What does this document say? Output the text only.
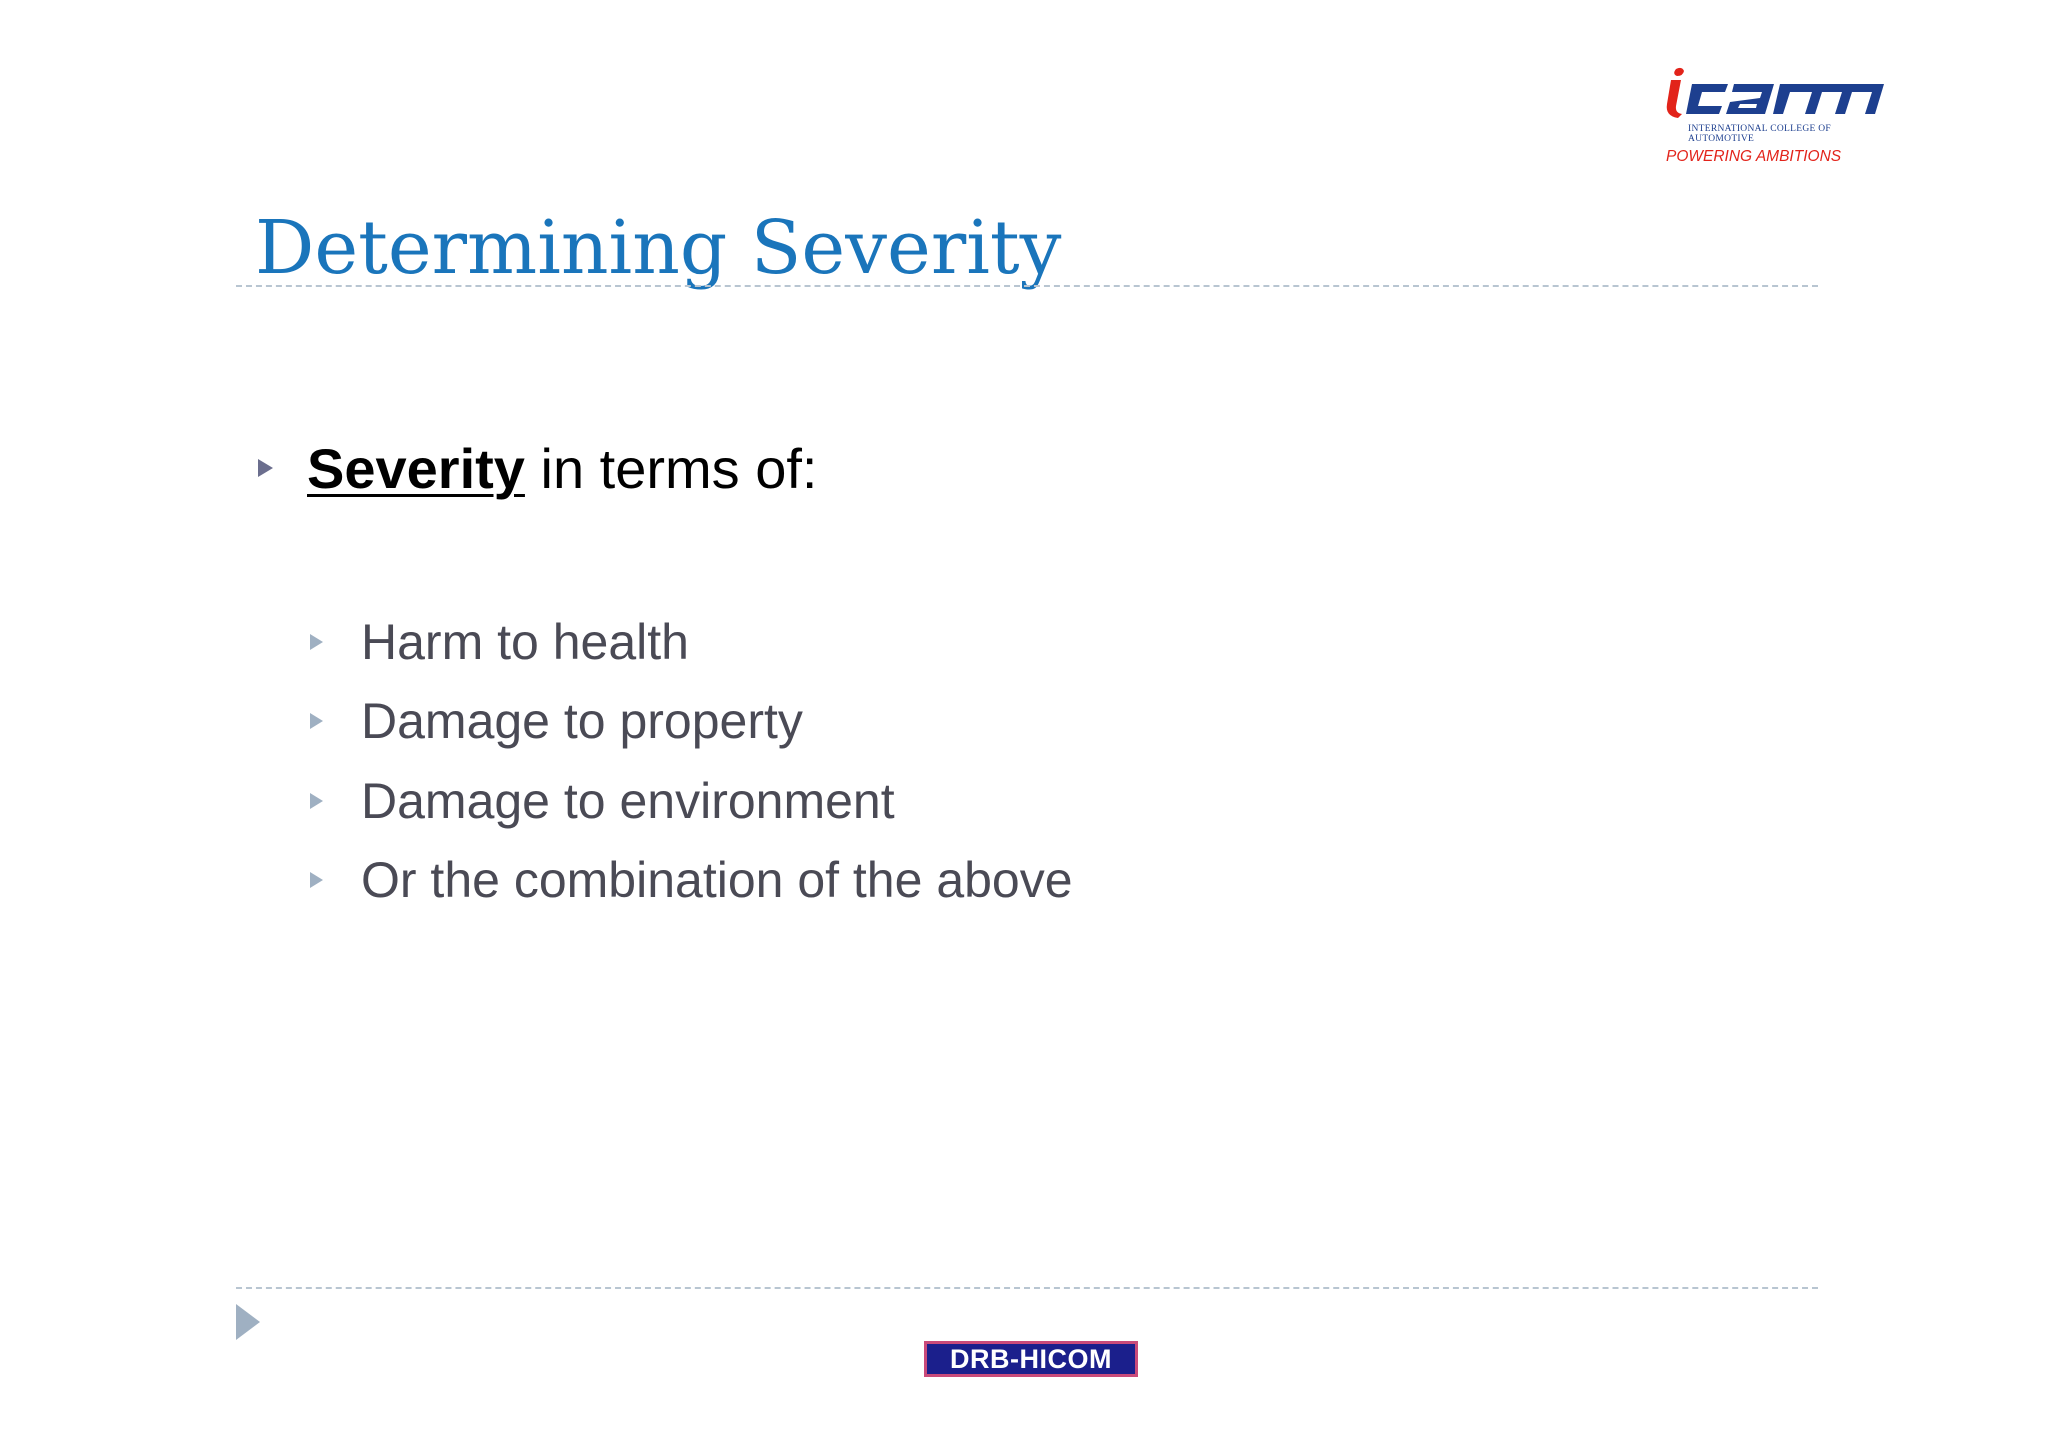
INTERNATIONAL COLLEGE OF
AUTOMOTIVE
POWERING AMBITIONS
Determining Severity
Severity in terms of:
Harm to health
Damage to property
Damage to environment
Or the combination of the above
DRB-HICOM
